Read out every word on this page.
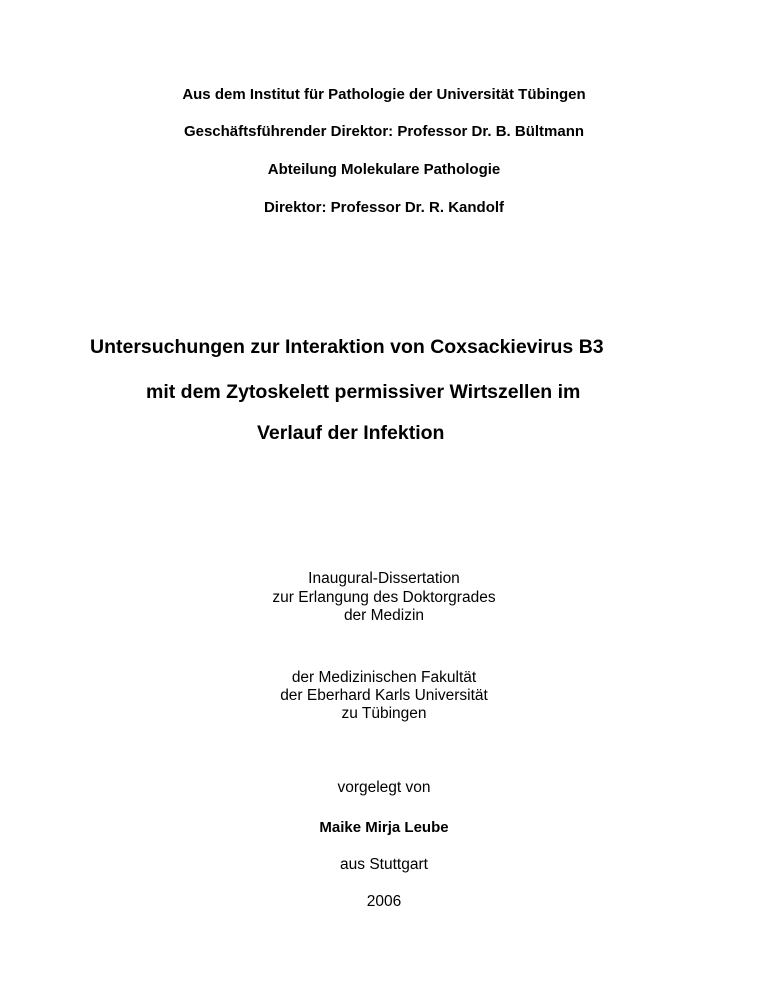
Aus dem Institut für Pathologie der Universität Tübingen
Geschäftsführender Direktor: Professor Dr. B. Bültmann
Abteilung Molekulare Pathologie
Direktor: Professor Dr. R. Kandolf
Untersuchungen zur Interaktion von Coxsackievirus B3
mit dem Zytoskelett permissiver Wirtszellen im
Verlauf der Infektion
Inaugural-Dissertation
zur Erlangung des Doktorgrades
der Medizin
der Medizinischen Fakultät
der Eberhard Karls Universität
zu Tübingen
vorgelegt von
Maike Mirja Leube
aus Stuttgart
2006
